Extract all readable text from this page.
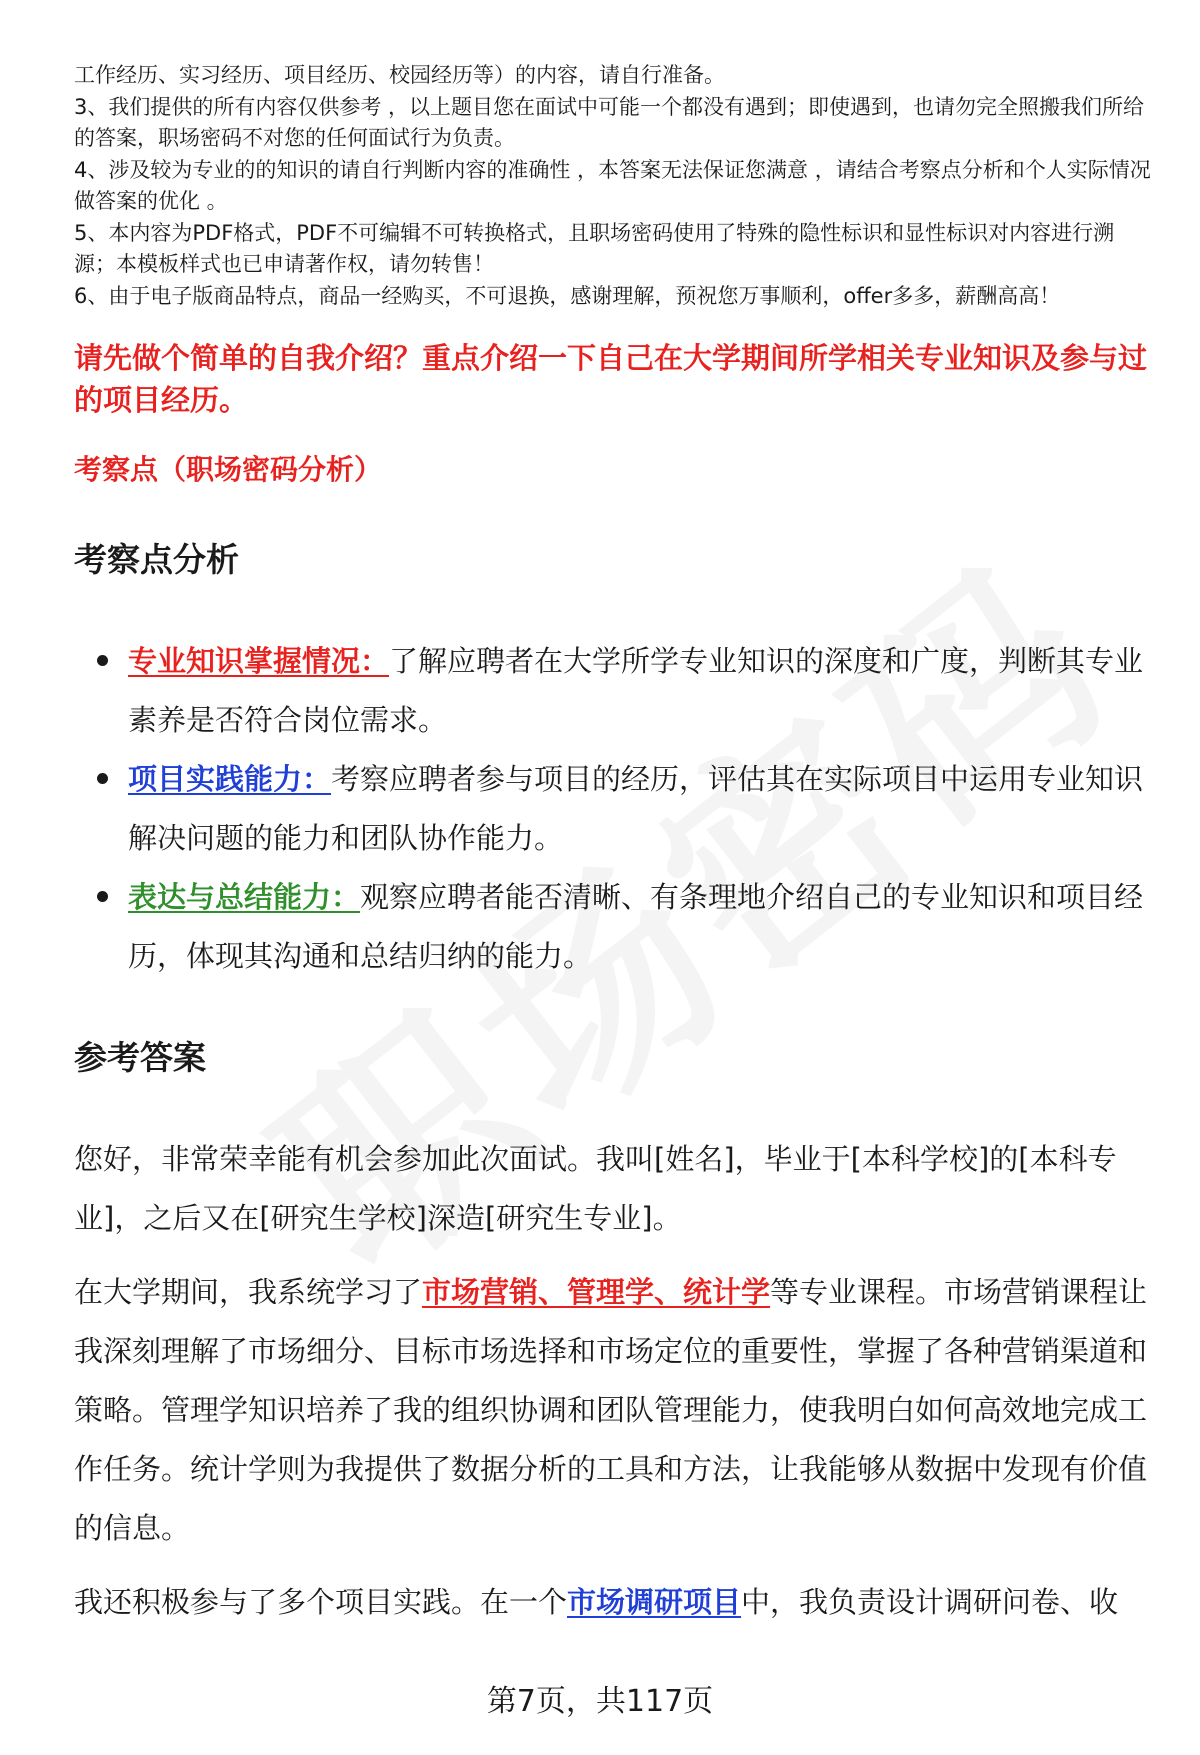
工作经历、实习经历、项目经历、校园经历等）的内容，请自行准备。

3、我们提供的所有内容仅供参考 ，以上题目您在面试中可能一个都没有遇到；即使遇到，也请勿完全照搬我们所给的答案，职场密码不对您的任何面试行为负责。

4、涉及较为专业的的知识的请自行判断内容的准确性 ，本答案无法保证您满意 ，请结合考察点分析和个人实际情况做答案的优化 。

5、本内容为PDF格式，PDF不可编辑不可转换格式，且职场密码使用了特殊的隐性标识和显性标识对内容进行溯源；本模板样式也已申请著作权，请勿转售！

6、由于电子版商品特点，商品一经购买，不可退换，感谢理解，预祝您万事顺利，offer多多，薪酬高高！

请先做个简单的自我介绍？重点介绍一下自己在大学期间所学相关专业知识及参与过的项目经历。

考察点（职场密码分析）

考察点分析
专业知识掌握情况：了解应聘者在大学所学专业知识的深度和广度，判断其专业素养是否符合岗位需求。
项目实践能力：考察应聘者参与项目的经历，评估其在实际项目中运用专业知识解决问题的能力和团队协作能力。
表达与总结能力：观察应聘者能否清晰、有条理地介绍自己的专业知识和项目经历，体现其沟通和总结归纳的能力。
参考答案

您好，非常荣幸能有机会参加此次面试。我叫[姓名]，毕业于[本科学校]的[本科专业]，之后又在[研究生学校]深造[研究生专业]。

在大学期间，我系统学习了市场营销、管理学、统计学等专业课程。市场营销课程让我深刻理解了市场细分、目标市场选择和市场定位的重要性，掌握了各种营销渠道和策略。管理学知识培养了我的组织协调和团队管理能力，使我明白如何高效地完成工作任务。统计学则为我提供了数据分析的工具和方法，让我能够从数据中发现有价值的信息。

我还积极参与了多个项目实践。在一个市场调研项目中，我负责设计调研问卷、收

第7页，共117页
